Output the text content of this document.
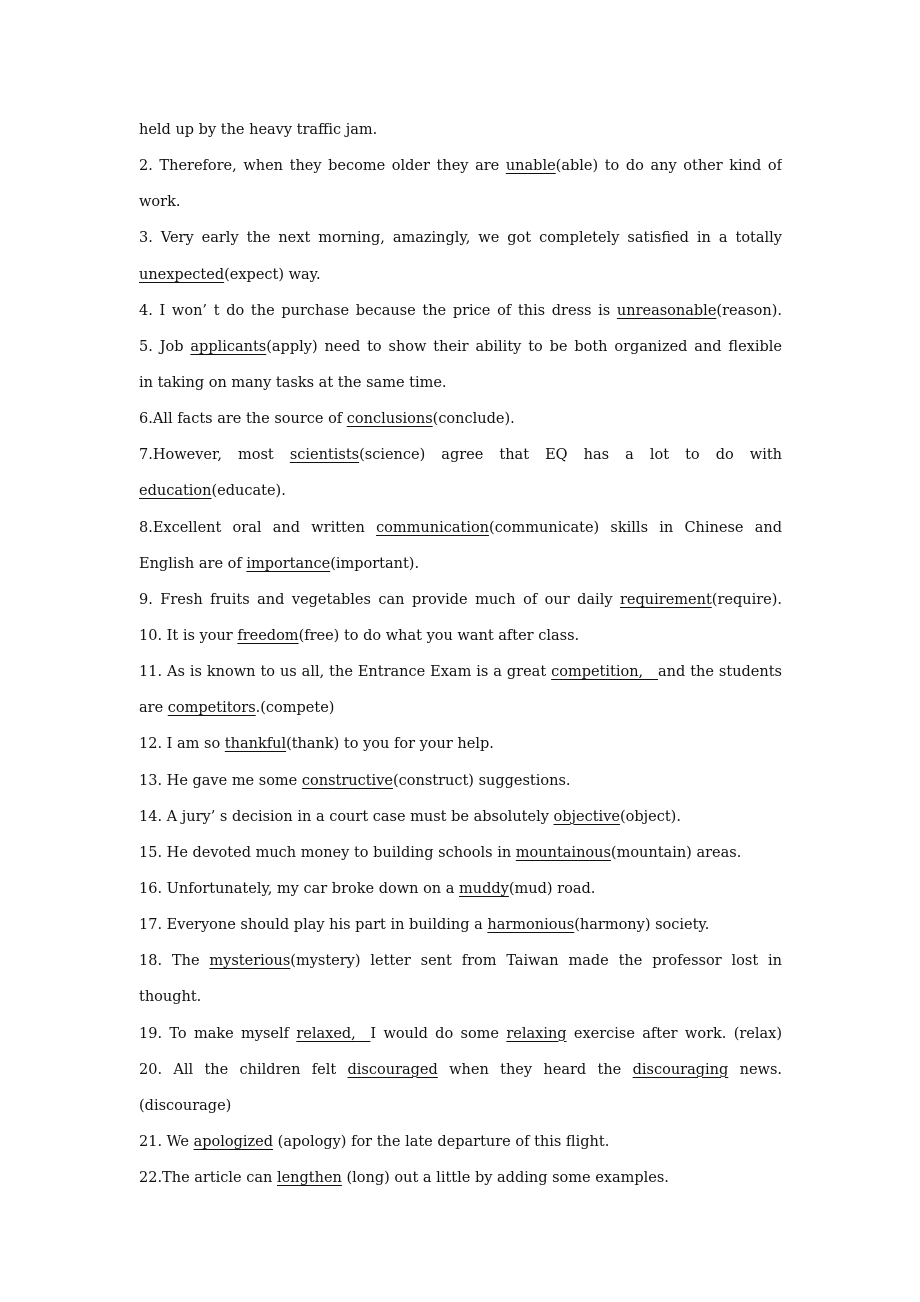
held up by the heavy traffic jam.
2. Therefore, when they become older they are unable(able) to do any other kind of
work.
3. Very early the next morning, amazingly, we got completely satisfied in a totally
unexpected(expect) way.
4. I won’ t do the purchase because the price of this dress is unreasonable(reason).
5. Job applicants(apply) need to show their ability to be both organized and flexible
in taking on many tasks at the same time.
6.All facts are the source of conclusions(conclude).
7.However, most scientists(science) agree that EQ has a lot to do with
education(educate).
8.Excellent oral and written communication(communicate) skills in Chinese and
English are of importance(important).
9. Fresh fruits and vegetables can provide much of our daily requirement(require).
10. It is your freedom(free) to do what you want after class.
11. As is known to us all, the Entrance Exam is a great competition,   and the students
are competitors.(compete)
12. I am so thankful(thank) to you for your help.
13. He gave me some constructive(construct) suggestions.
14. A jury’ s decision in a court case must be absolutely objective(object).
15. He devoted much money to building schools in mountainous(mountain) areas.
16. Unfortunately, my car broke down on a muddy(mud) road.
17. Everyone should play his part in building a harmonious(harmony) society.
18. The mysterious(mystery) letter sent from Taiwan made the professor lost in
thought.
19. To make myself relaxed,  I would do some relaxing exercise after work. (relax)
20. All the children felt discouraged when they heard the discouraging news.
(discourage)
21. We apologized (apology) for the late departure of this flight.
22.The article can lengthen (long) out a little by adding some examples.
